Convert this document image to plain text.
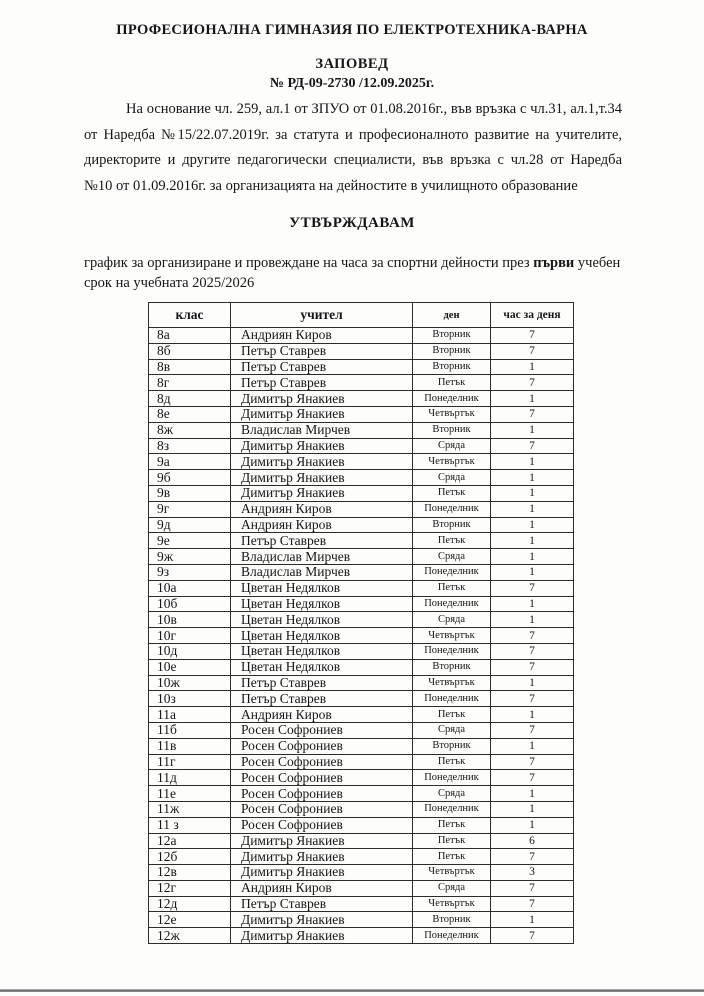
ПРОФЕСИОНАЛНА ГИМНАЗИЯ ПО ЕЛЕКТРОТЕХНИКА-ВАРНА
ЗАПОВЕД
№ РД-09-2730 /12.09.2025г.

На основание чл. 259, ал.1 от ЗПУО от 01.08.2016г., във връзка с чл.31, ал.1,т.34 от Наредба №15/22.07.2019г. за статута и професионалното развитие на учителите, директорите и другите педагогически специалисти, във връзка с чл.28 от Наредба №10 от 01.09.2016г. за организацията на дейностите в училищното образование

УТВЪРЖДАВАМ

график за организиране и провеждане на часа за спортни дейности през първи учебен срок на учебната 2025/2026

клас	учител	ден	час за деня
8а	Андриян Киров	Вторник	7
8б	Петър Ставрев	Вторник	7
8в	Петър Ставрев	Вторник	1
8г	Петър Ставрев	Петък	7
8д	Димитър Янакиев	Понеделник	1
8е	Димитър Янакиев	Четвъртък	7
8ж	Владислав Мирчев	Вторник	1
8з	Димитър Янакиев	Сряда	7
9а	Димитър Янакиев	Четвъртък	1
9б	Димитър Янакиев	Сряда	1
9в	Димитър Янакиев	Петък	1
9г	Андриян Киров	Понеделник	1
9д	Андриян Киров	Вторник	1
9е	Петър Ставрев	Петък	1
9ж	Владислав Мирчев	Сряда	1
9з	Владислав Мирчев	Понеделник	1
10а	Цветан Недялков	Петък	7
10б	Цветан Недялков	Понеделник	1
10в	Цветан Недялков	Сряда	1
10г	Цветан Недялков	Четвъртък	7
10д	Цветан Недялков	Понеделник	7
10е	Цветан Недялков	Вторник	7
10ж	Петър Ставрев	Четвъртък	1
10з	Петър Ставрев	Понеделник	7
11а	Андриян Киров	Петък	1
11б	Росен Софрониев	Сряда	7
11в	Росен Софрониев	Вторник	1
11г	Росен Софрониев	Петък	7
11д	Росен Софрониев	Понеделник	7
11е	Росен Софрониев	Сряда	1
11ж	Росен Софрониев	Понеделник	1
11 з	Росен Софрониев	Петък	1
12а	Димитър Янакиев	Петък	6
12б	Димитър Янакиев	Петък	7
12в	Димитър Янакиев	Четвъртък	3
12г	Андриян Киров	Сряда	7
12д	Петър Ставрев	Четвъртък	7
12е	Димитър Янакиев	Вторник	1
12ж	Димитър Янакиев	Понеделник	7
